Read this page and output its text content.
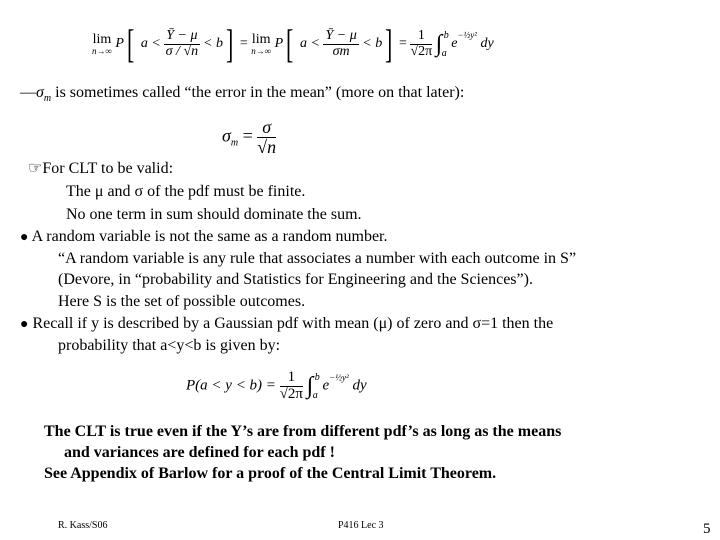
lim
n→∞ P[ $a < \frac{Ȳ - \mu}{\sigma / √n} < b] = \lim$
n→∞ P[ $a < \frac{Ȳ - \mu}{\sigma m} < b] = \frac{1}{√2\pi}$ ∫ b
a
$e^{-\frac{1}{2}y^2}$ dy
$—\sigma_m$ is sometimes called “the error in the mean” (more on that later):
$\sigma_m = \frac{\sigma}{√n}$
☞For CLT to be valid:
The μ and σ of the pdf must be finite.
No one term in sum should dominate the sum.
● A random variable is not the same as a random number.
“A random variable is any rule that associates a number with each outcome in S”
(Devore, in “probability and Statistics for Engineering and the Sciences”).
Here S is the set of possible outcomes.
● Recall if y is described by a Gaussian pdf with mean (μ) of zero and σ=1 then the
probability that a<y<b is given by:
$P(a < y < b) = \frac{1}{√2\pi}$ ∫ b
a
$e^{-\frac{1}{2}y^2}$ dy
The CLT is true even if the Y’s are from different pdf’s as long as the means
and variances are defined for each pdf !
See Appendix of Barlow for a proof of the Central Limit Theorem.
R. Kass/S06	P416 Lec 3	5
